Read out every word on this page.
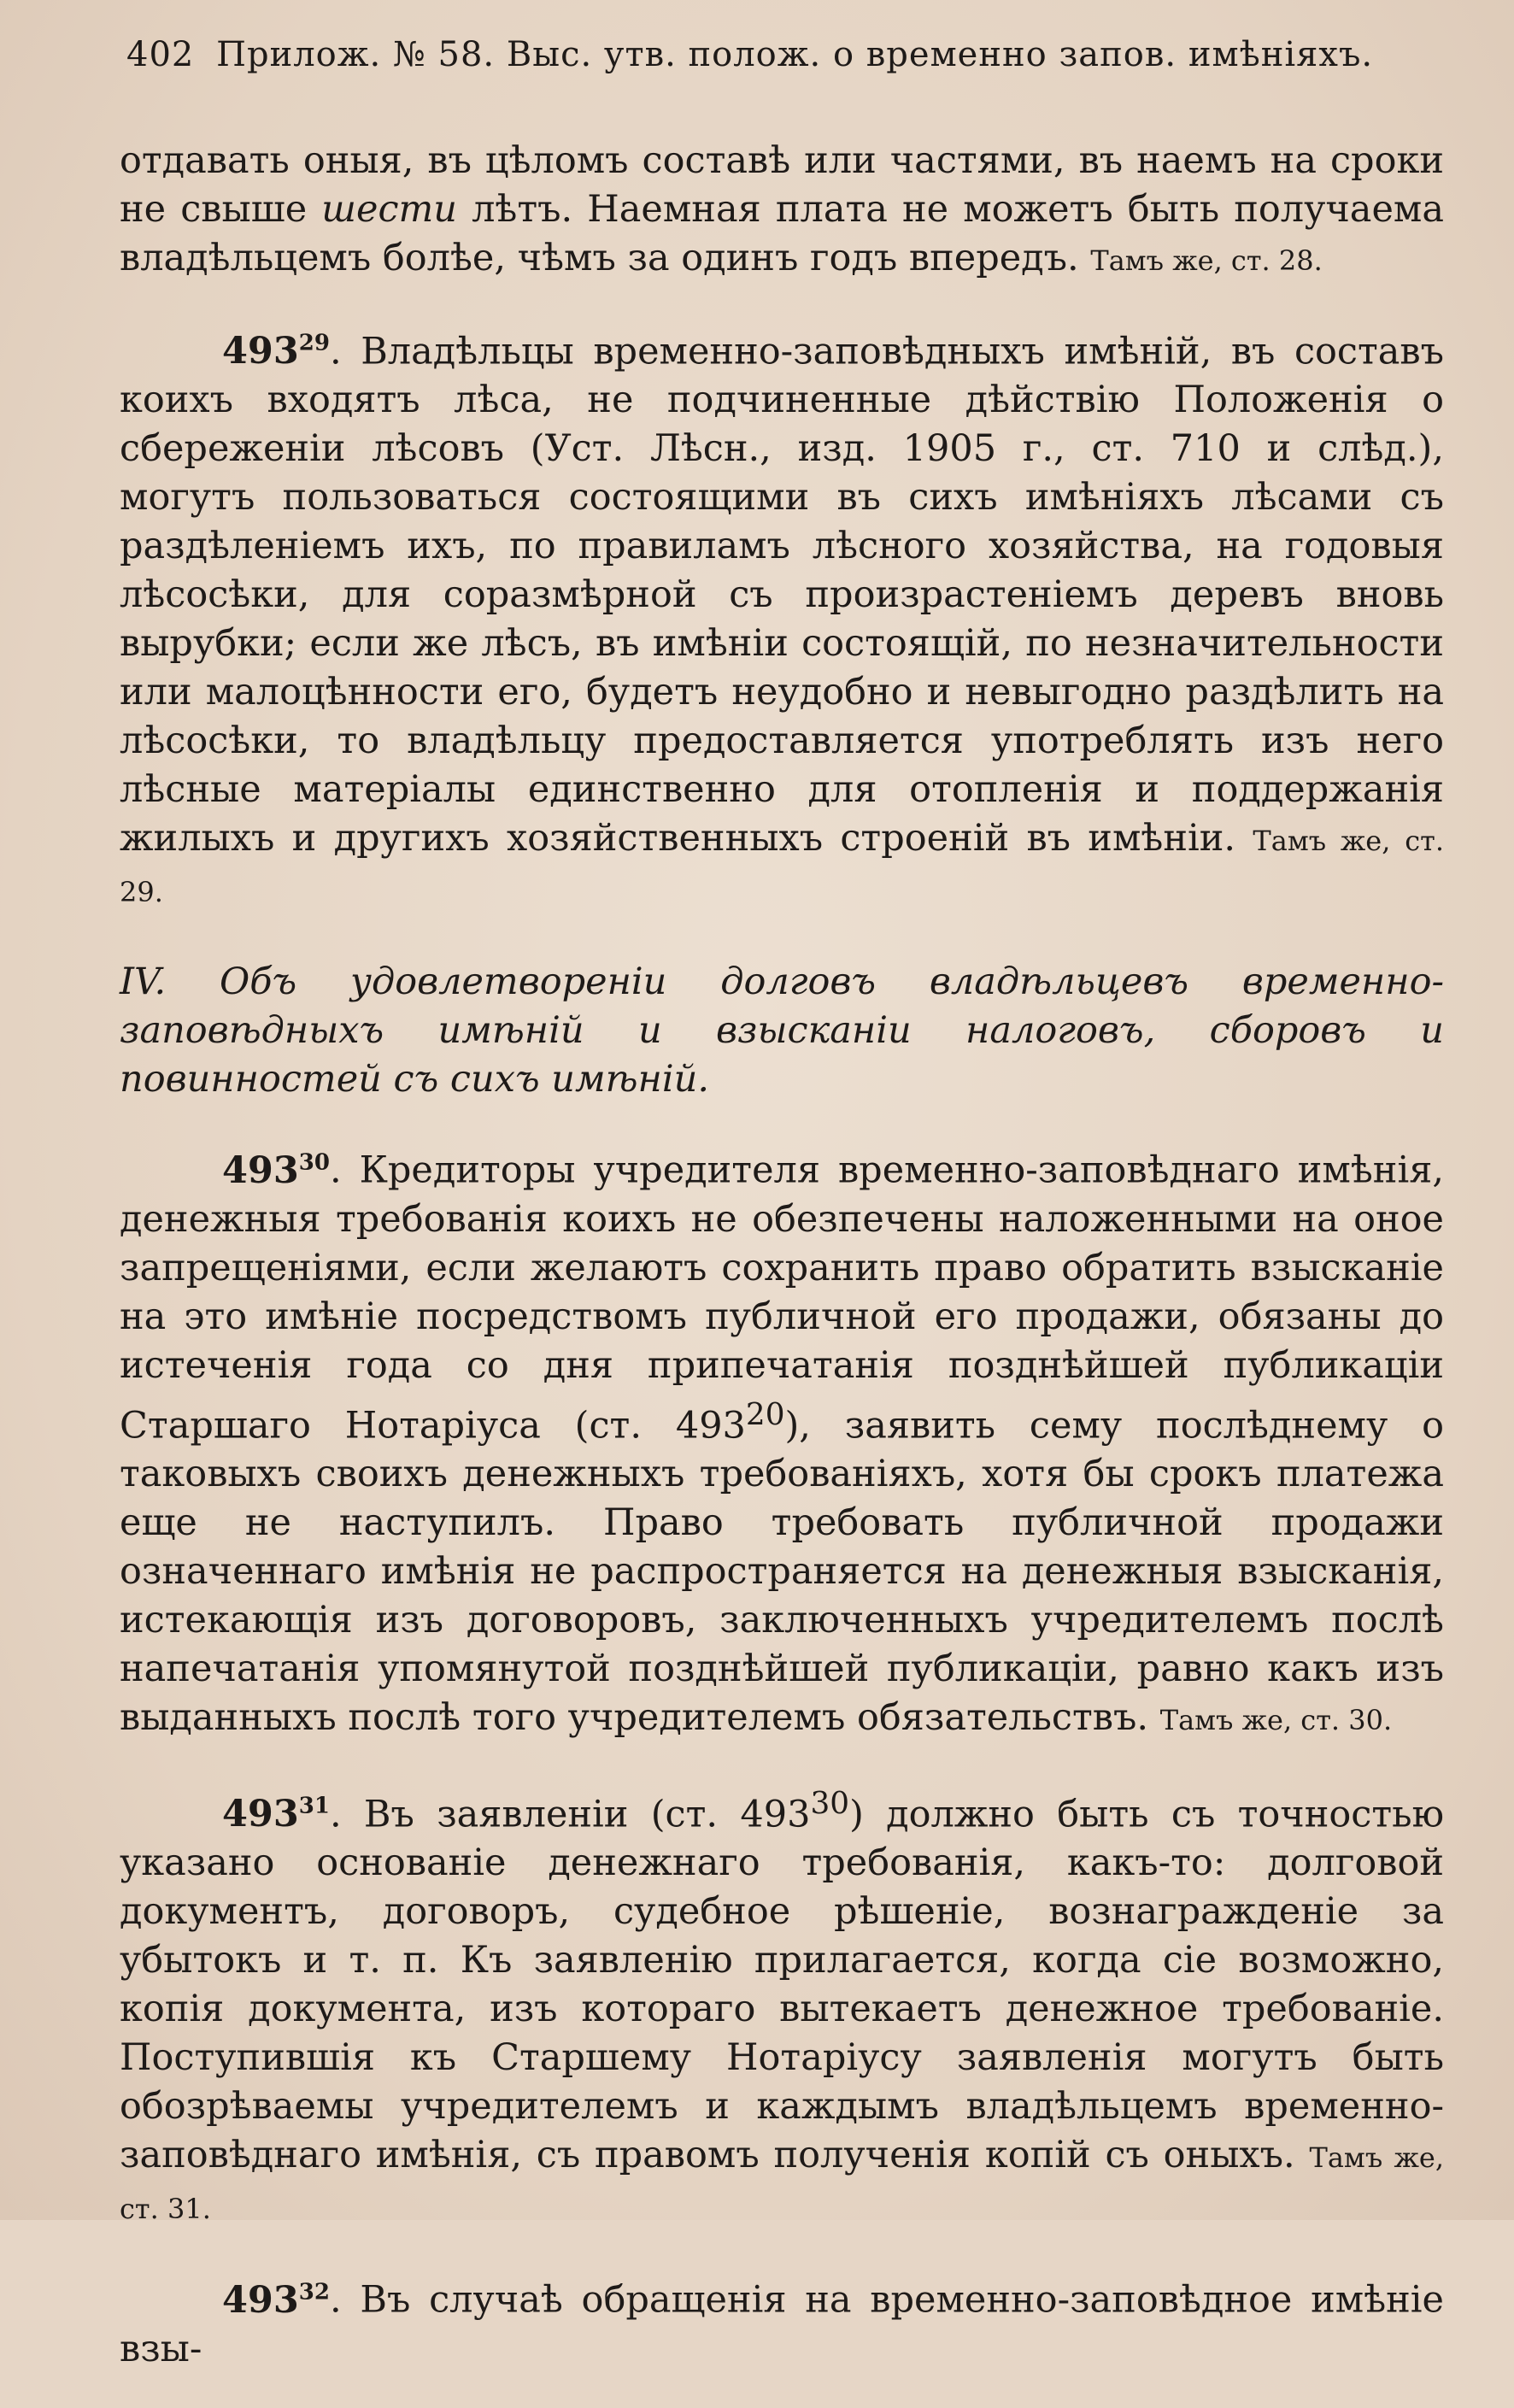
402 Прилож. № 58. Выс. утв. полож. о временно запов. имѣніяхъ.

отдавать оныя, въ цѣломъ составѣ или частями, въ наемъ на сроки не свыше шести лѣтъ. Наемная плата не можетъ быть получаема владѣльцемъ болѣе, чѣмъ за одинъ годъ впередъ. Тамъ же, ст. 28.

$493^{29}$. Владѣльцы временно-заповѣдныхъ имѣній, въ составъ коихъ входятъ лѣса, не подчиненные дѣйствію Положенія о сбереженіи лѣсовъ (Уст. Лѣсн., изд. 1905 г., ст. 710 и слѣд.), могутъ пользоваться состоящими въ сихъ имѣніяхъ лѣсами съ раздѣленіемъ ихъ, по правиламъ лѣсного хозяйства, на годовыя лѣсосѣки, для соразмѣрной съ произрастеніемъ деревъ вновь вырубки; если же лѣсъ, въ имѣніи состоящій, по незначительности или малоцѣнности его, будетъ неудобно и невыгодно раздѣлить на лѣсосѣки, то владѣльцу предоставляется употреблять изъ него лѣсные матеріалы единственно для отопленія и поддержанія жилыхъ и другихъ хозяйственныхъ строеній въ имѣніи. Тамъ же, ст. 29.

IV. Объ удовлетвореніи долговъ владѣльцевъ временно-заповѣдныхъ имѣній и взысканіи налоговъ, сборовъ и повинностей съ сихъ имѣній.

$493^{30}$. Кредиторы учредителя временно-заповѣднаго имѣнія, денежныя требованія коихъ не обезпечены наложенными на оное запрещеніями, если желаютъ сохранить право обратить взысканіе на это имѣніе посредствомъ публичной его продажи, обязаны до истеченія года со дня припечатанія позднѣйшей публикаціи Старшаго Нотаріуса (ст. 493$^{20}$), заявить сему послѣднему о таковыхъ своихъ денежныхъ требованіяхъ, хотя бы срокъ платежа еще не наступилъ. Право требовать публичной продажи означеннаго имѣнія не распространяется на денежныя взысканія, истекающія изъ договоровъ, заключенныхъ учредителемъ послѣ напечатанія упомянутой позднѣйшей публикаціи, равно какъ изъ выданныхъ послѣ того учредителемъ обязательствъ. Тамъ же, ст. 30.

$493^{31}$. Въ заявленіи (ст. 493$^{30}$) должно быть съ точностью указано основаніе денежнаго требованія, какъ-то: долговой документъ, договоръ, судебное рѣшеніе, вознагражденіе за убытокъ и т. п. Къ заявленію прилагается, когда сіе возможно, копія документа, изъ котораго вытекаетъ денежное требованіе. Поступившія къ Старшему Нотаріусу заявленія могутъ быть обозрѣваемы учредителемъ и каждымъ владѣльцемъ временно-заповѣднаго имѣнія, съ правомъ полученія копій съ оныхъ. Тамъ же, ст. 31.

$493^{32}$. Въ случаѣ обращенія на временно-заповѣдное имѣніе взы-
